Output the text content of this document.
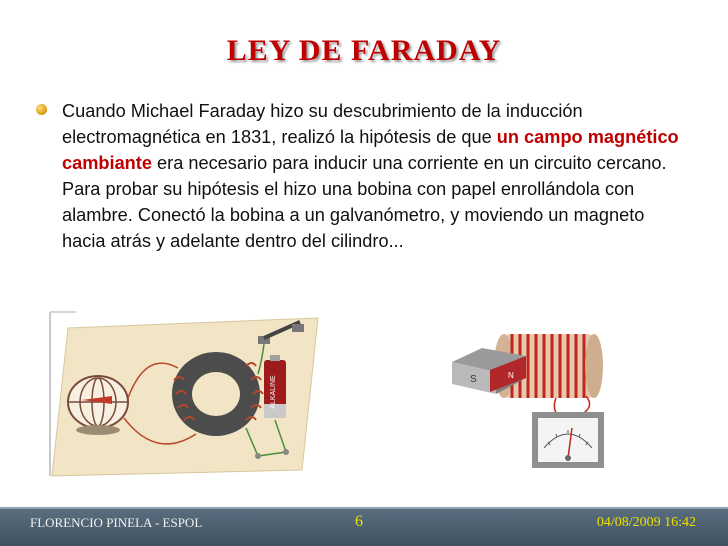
LEY DE FARADAY
Cuando Michael Faraday hizo su descubrimiento de la inducción electromagnética en 1831, realizó la hipótesis de que un campo magnético cambiante era necesario para inducir una corriente en un circuito cercano. Para probar su hipótesis el hizo una bobina con papel enrollándola con alambre. Conectó la bobina a un galvanómetro, y moviendo un magneto hacia atrás y adelante dentro del cilindro...
ALKALINE	S	N
FLORENCIO PINELA - ESPOL	6	04/08/2009 16:42
